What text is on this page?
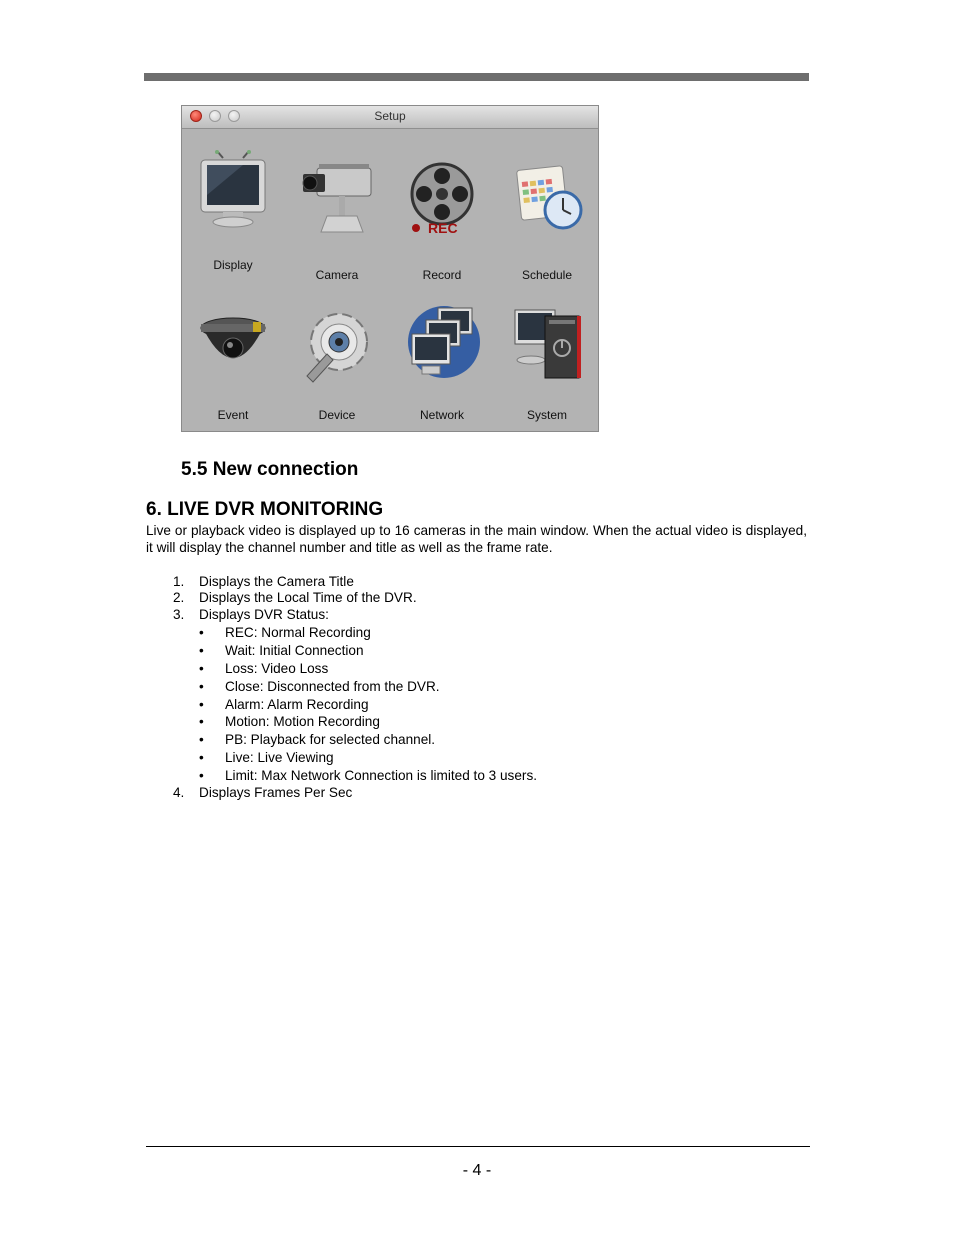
Setup
Display
Camera
REC
Record	Schedule
Event	Device	Network	System
5.5 New connection
6. LIVE DVR MONITORING
Live or playback video is displayed up to 16 cameras in the main window. When the actual video is displayed, it will display the channel number and title as well as the frame rate.
1. Displays the Camera Title
2. Displays the Local Time of the DVR.
3. Displays DVR Status:
• REC: Normal Recording
• Wait: Initial Connection
• Loss: Video Loss
• Close: Disconnected from the DVR.
• Alarm: Alarm Recording
• Motion: Motion Recording
• PB: Playback for selected channel.
• Live: Live Viewing
• Limit: Max Network Connection is limited to 3 users.
4. Displays Frames Per Sec
- 4 -
